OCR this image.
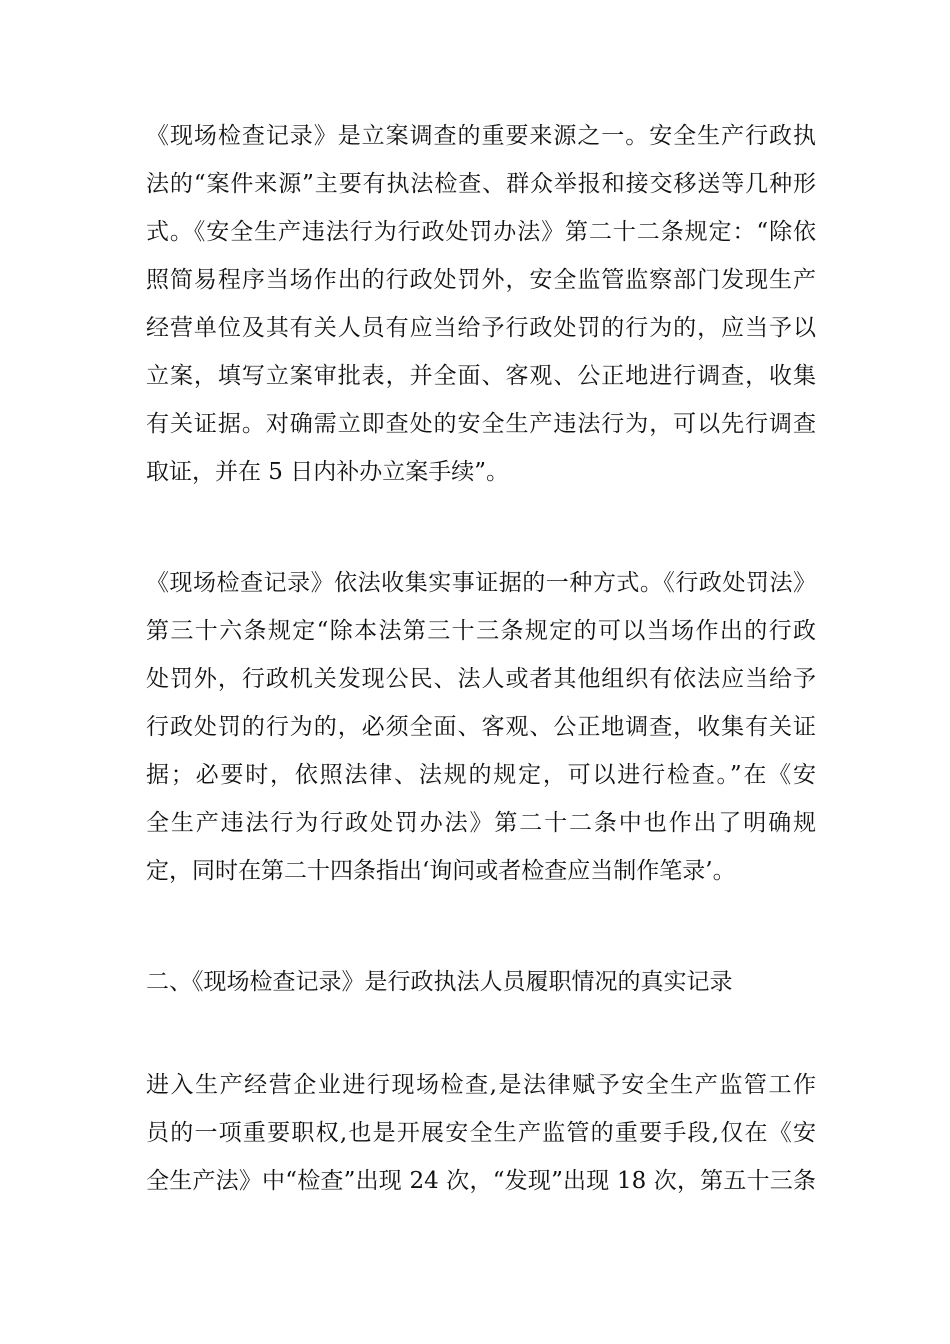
《现场检查记录》是立案调查的重要来源之一。安全生产行政执
法的“案件来源”主要有执法检查、群众举报和接交移送等几种形
式。《安全生产违法行为行政处罚办法》第二十二条规定：“除依
照简易程序当场作出的行政处罚外，安全监管监察部门发现生产
经营单位及其有关人员有应当给予行政处罚的行为的，应当予以
立案，填写立案审批表，并全面、客观、公正地进行调查，收集
有关证据。对确需立即查处的安全生产违法行为，可以先行调查
取证，并在 5 日内补办立案手续”。
《现场检查记录》依法收集实事证据的一种方式。《行政处罚法》
第三十六条规定“除本法第三十三条规定的可以当场作出的行政
处罚外，行政机关发现公民、法人或者其他组织有依法应当给予
行政处罚的行为的，必须全面、客观、公正地调查，收集有关证
据；必要时，依照法律、法规的规定，可以进行检查。”在《安
全生产违法行为行政处罚办法》第二十二条中也作出了明确规
定，同时在第二十四条指出‘询问或者检查应当制作笔录’。
二、《现场检查记录》是行政执法人员履职情况的真实记录
进入生产经营企业进行现场检查,是法律赋予安全生产监管工作
员的一项重要职权,也是开展安全生产监管的重要手段,仅在《安
全生产法》中“检查”出现 24 次，“发现”出现 18 次，第五十三条
